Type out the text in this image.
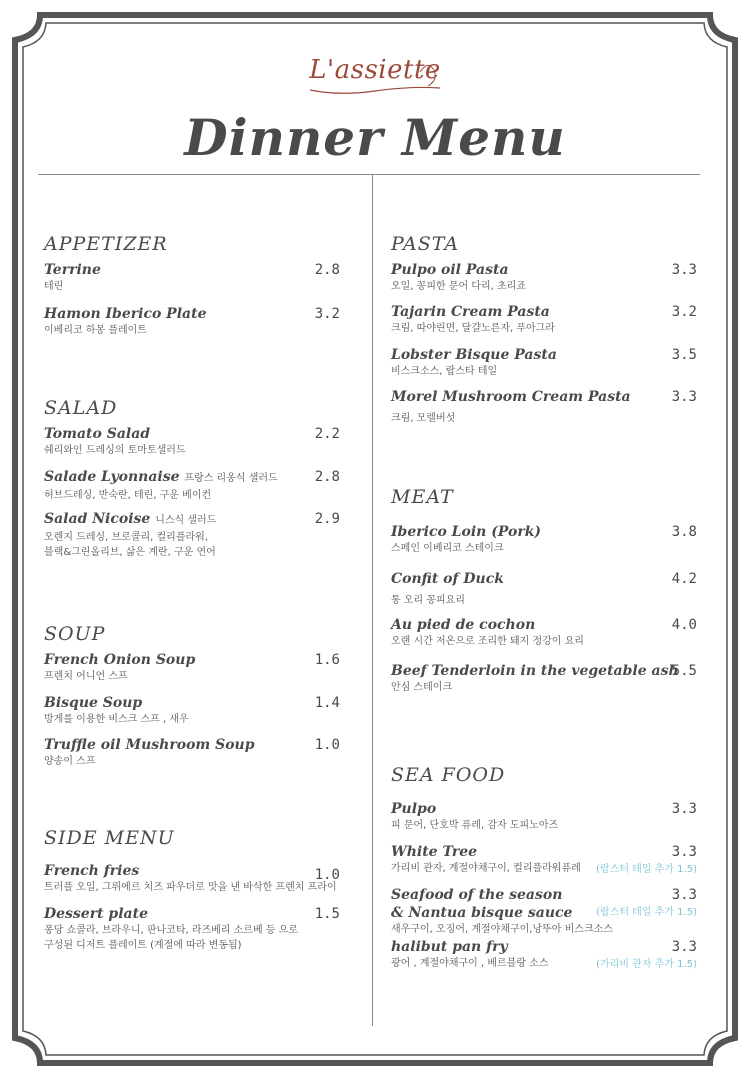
L'assiette
Dinner Menu
APPETIZER
Terrine
테린
2.8
Hamon Iberico Plate
이베리코 하몽 플레이트
3.2
SALAD
Tomato Salad
쉐리와인 드레싱의 토마토샐러드
2.2
Salade Lyonnaise 프랑스 리옹식 샐러드
허브드레싱, 반숙란, 테린, 구운 베이컨
2.8
Salad Nicoise 니스식 샐러드
오렌지 드레싱, 브로콜리, 컬리플라워,
블랙&그린올리브, 삶은 계란, 구운 연어
2.9
SOUP
French Onion Soup
프렌치 어니언 스프
1.6
Bisque Soup
방게를 이용한 비스크 스프 , 새우
1.4
Truffle oil Mushroom Soup
양송이 스프
1.0
SIDE MENU
French fries
트러플 오일, 그뤼에르 치즈 파우더로 맛을 낸 바삭한 프렌치 프라이
1.0
Dessert plate
퐁당 쇼콜라, 브라우니, 판나코타, 라즈베리 소르베 등 으로
구성된 디저트 플레이트 (계절에 따라 변동됨)
1.5
PASTA
Pulpo oil Pasta
오일, 꽁피한 문어 다리, 초리죠
3.3
Tajarin Cream Pasta
크림, 따야린면, 달걀노른자, 푸아그라
3.2
Lobster Bisque Pasta
비스크소스, 랍스타 테일
3.5
Morel Mushroom Cream Pasta
크림, 모렐버섯
3.3
MEAT
Iberico Loin (Pork)
스페인 이베리코 스테이크
3.8
Confit of Duck
통 오리 꽁피요리
4.2
Au pied de cochon
오랜 시간 저온으로 조리한 돼지 정강이 요리
4.0
Beef Tenderloin in the vegetable ash
안심 스테이크
5.5
SEA FOOD
Pulpo
피 문어, 단호박 퓨레, 감자 도피노아즈
3.3
White Tree
가리비 관자, 계절야채구이, 컬리플라워퓨레
3.3
(랍스터 테일 추가 1.5)
Seafood of the season
& Nantua bisque sauce
새우구이, 오징어, 계절야채구이,낭뚜아 비스크소스
3.3
(랍스터 테일 추가 1.5)
halibut pan fry
광어 , 계절야채구이 , 베르블랑 소스
3.3
(가리비 관자 추가 1.5)
